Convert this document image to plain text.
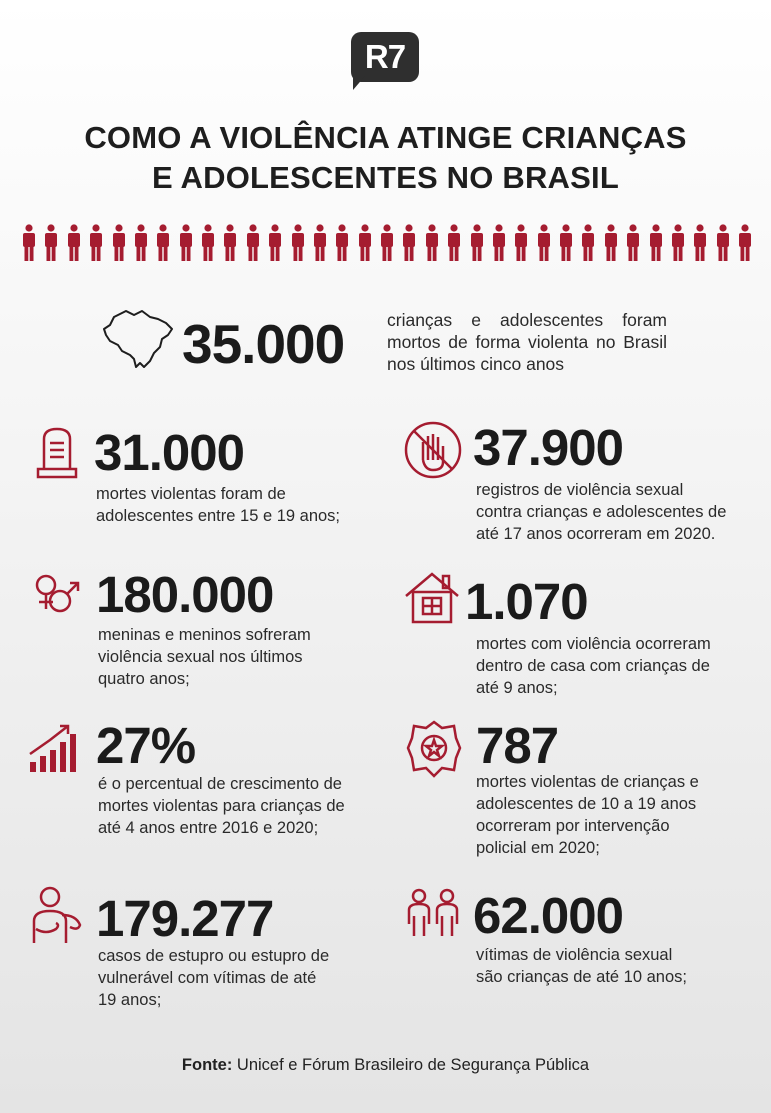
R7
COMO A VIOLÊNCIA ATINGE CRIANÇAS
E ADOLESCENTES NO BRASIL
35.000 crianças e adolescentes foram mortos de forma violenta no Brasil nos últimos cinco anos
31.000
mortes violentas foram de
adolescentes entre 15 e 19 anos;
37.900
registros de violência sexual
contra crianças e adolescentes de
até 17 anos ocorreram em 2020.
180.000
meninas e meninos sofreram
violência sexual nos últimos
quatro anos;
1.070
mortes com violência ocorreram
dentro de casa com crianças de
até 9 anos;
27%
é o percentual de crescimento de
mortes violentas para crianças de
até 4 anos entre 2016 e 2020;
787
mortes violentas de crianças e
adolescentes de 10 a 19 anos
ocorreram por intervenção
policial em 2020;
179.277
casos de estupro ou estupro de
vulnerável com vítimas de até
19 anos;
62.000
vítimas de violência sexual
são crianças de até 10 anos;
Fonte: Unicef e Fórum Brasileiro de Segurança Pública
